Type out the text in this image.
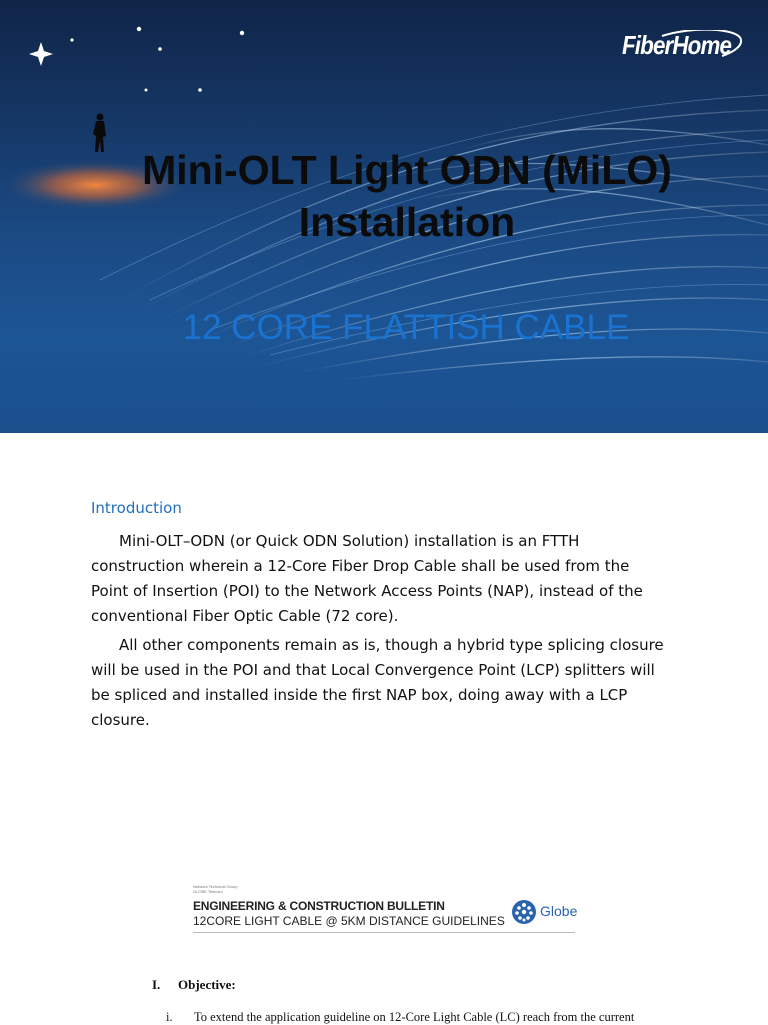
FiberHome
Mini-OLT Light ODN (MiLO)
Installation

12 CORE FLATTISH CABLE

Introduction

Mini-OLT–ODN (or Quick ODN Solution) installation is an FTTH construction wherein a 12-Core Fiber Drop Cable shall be used from the Point of Insertion (POI) to the Network Access Points (NAP), instead of the conventional Fiber Optic Cable (72 core).

All other components remain as is, though a hybrid type splicing closure will be used in the POI and that Local Convergence Point (LCP) splitters will be spliced and installed inside the first NAP box, doing away with a LCP closure.

Network Technical Group
GLOBE Telecom
ENGINEERING & CONSTRUCTION BULLETIN
12CORE LIGHT CABLE @ 5KM DISTANCE GUIDELINES
Globe
I. Objective:
i. To extend the application guideline on 12-Core Light Cable (LC) reach from the current
